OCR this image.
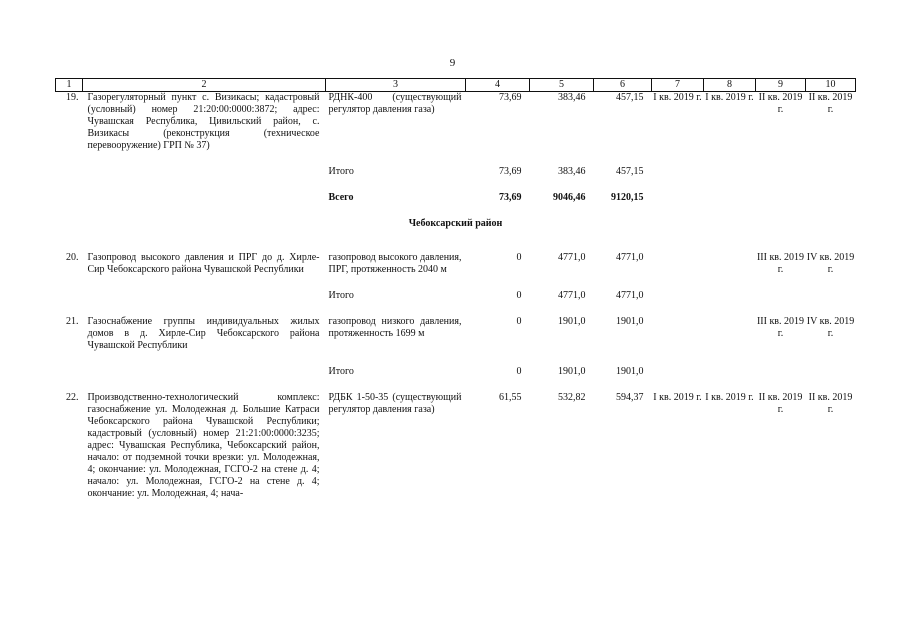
9
1	2	3	4	5	6	7	8	9	10
19.	Газорегуляторный пункт с. Визикасы; кадастровый (условный) номер 21:20:00:0000:3872; адрес: Чувашская Республика, Цивильский район, с. Визикасы (реконструкция (техническое перевооружение) ГРП № 37)	РДНК-400 (существующий регулятор давления газа)	73,69	383,46	457,15	I кв. 2019 г.	I кв. 2019 г.	II кв. 2019 г.	II кв. 2019 г.

		Итого	73,69	383,46	457,15				

		Всего	73,69	9046,46	9120,15				

Чебоксарский район									

20.	Газопровод высокого давления и ПРГ до д. Хирле-Сир Чебоксарского района Чувашской Республики	газопровод высокого давления, ПРГ, протяженность 2040 м	0	4771,0	4771,0			III кв. 2019 г.	IV кв. 2019 г.

		Итого	0	4771,0	4771,0				

21.	Газоснабжение группы индивидуальных жилых домов в д. Хирле-Сир Чебоксарского района Чувашской Республики	газопровод низкого давления, протяженность 1699 м	0	1901,0	1901,0			III кв. 2019 г.	IV кв. 2019 г.

		Итого	0	1901,0	1901,0				

22.	Производственно-технологический комплекс: газоснабжение ул. Молодежная д. Большие Катраси Чебоксарского района Чувашской Республики; кадастровый (условный) номер 21:21:00:0000:3235; адрес: Чувашская Республика, Чебоксарский район, начало: от подземной точки врезки: ул. Молодежная, 4; окончание: ул. Молодежная, ГСГО-2 на стене д. 4; начало: ул. Молодежная, ГСГО-2 на стене д. 4; окончание: ул. Молодежная, 4; нача-	РДБК 1-50-35 (существующий регулятор давления газа)	61,55	532,82	594,37	I кв. 2019 г.	I кв. 2019 г.	II кв. 2019 г.	II кв. 2019 г.
